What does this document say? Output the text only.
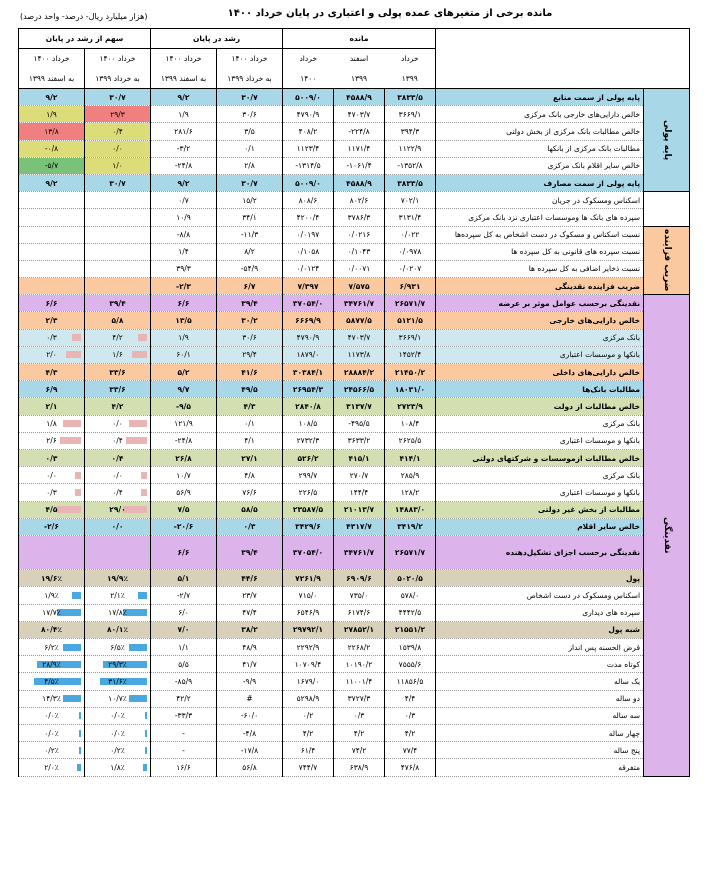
مانده برخی از متغیرهای عمده پولی و اعتباری در پایان خرداد ۱۴۰۰
(هزار میلیارد ریال- درصد- واحد درصد)
سهم از رشد در پایان		رشد در پایان		مانده				
خرداد ۱۴۰۰	خرداد ۱۴۰۰	خرداد ۱۴۰۰	خرداد ۱۴۰۰	خرداد	اسفند	خرداد		
به اسفند ۱۳۹۹	به خرداد ۱۳۹۹	به اسفند ۱۳۹۹	به خرداد ۱۳۹۹	۱۴۰۰	۱۳۹۹	۱۳۹۹		
۹/۲	۳۰/۷	۹/۲	۳۰/۷	۵۰۰۹/۰	۴۵۸۸/۹	۳۸۳۳/۵	پایه پولی از سمت منابع	پایه پولی
۱/۹	۲۹/۳	۱/۹	۳۰/۶	۴۷۹۰/۹	۴۷۰۳/۷	۳۶۶۹/۱	خالص دارایی‌های خارجی بانک مرکزی	
۱۳/۸	۰/۴	۲۸۱/۶	۳/۵	۴۰۸/۲	-۲۲۴/۸	۳۹۴/۳	خالص مطالبات بانک مرکزی از بخش دولتی	
-۰/۸	۰/۰	-۳/۲	۰/۱	۱۱۲۳/۴	۱۱۷۱/۴	۱۱۲۲/۹	مطالبات بانک مرکزی از بانکها	
-۵/۷	۱/۰	-۲۴/۸	۲/۸	-۱۳۱۴/۵	-۱۰۶۱/۴	-۱۳۵۲/۸	خالص سایر اقلام بانک مرکزی	
۹/۲	۳۰/۷	۹/۲	۳۰/۷	۵۰۰۹/۰	۴۵۸۸/۹	۳۸۳۳/۵	پایه پولی از سمت مصارف	
		۰/۷	۱۵/۲	۸۰۸/۶	۸۰۲/۶	۷۰۲/۱	اسکناس ومسکوک در جریان	
		۱۰/۹	۳۴/۱	۴۲۰۰/۴	۳۷۸۶/۳	۳۱۳۱/۴	سپرده های بانک ها وموسسات اعتباری نزد بانک مرکزی	
		-۸/۸	-۱۱/۳	۰/۰۱۹۷	۰/۰۲۱۶	۰/۰۲۲	نسبت اسکناس و مسکوک در دست اشخاص به کل سپرده‌ها	ضریب فزاینده
		۱/۴	۸/۲	۰/۱۰۵۸	۰/۱۰۴۳	۰/۰۹۷۸	نسبت سپرده های قانونی به کل سپرده ها	
		۳۹/۳	-۵۴/۹	۰/۰۱۲۴	۰/۰۰۷۱	۰/۰۲۰۷	نسبت ذخایر اضافی به کل سپرده ها	
		-۲/۳	۶/۷	۷/۳۹۷	۷/۵۷۵	۶/۹۳۱	ضریب فزاینده نقدینگی	
۶/۶	۳۹/۴	۶/۶	۳۹/۴	۳۷۰۵۴/۰	۳۴۷۶۱/۷	۲۶۵۷۱/۷	نقدینگی برحسب عوامل موثر بر عرضه	نقدینگی
۲/۳	۵/۸	۱۳/۵	۳۰/۲	۶۶۶۹/۹	۵۸۷۷/۵	۵۱۲۱/۵	خالص دارایی‌های خارجی	

۰/۳	۴/۲	۱/۹	۳۰/۶	۴۷۹۰/۹	۴۷۰۳/۷	۳۶۶۹/۱	بانک مرکزی	

۲/۰	۱/۶	۶۰/۱	۲۹/۴	۱۸۷۹/۰	۱۱۷۳/۸	۱۴۵۲/۴	بانکها و موسسات اعتباری	
۴/۳	۳۳/۶	۵/۲	۴۱/۶	۳۰۳۸۴/۱	۲۸۸۸۴/۲	۲۱۴۵۰/۲	خالص دارایی‌های داخلی	
۶/۹	۳۳/۶	۹/۷	۴۹/۵	۲۶۹۵۴/۳	۲۴۵۶۶/۵	۱۸۰۳۱/۰	مطالبات بانک‌ها	
۲/۱	۴/۲	-۹/۵	۴/۳	۲۸۴۰/۸	۳۱۳۷/۷	۲۷۲۳/۹	خالص مطالبات از دولت	

۱/۸	۰/۰	۱۲۱/۹	۰/۱	۱۰۸/۵	-۴۹۵/۵	۱۰۸/۴	بانک مرکزی	

۲/۶	۰/۴	-۲۴/۸	۴/۱	۲۷۳۲/۳	۳۶۳۳/۲	۲۶۲۵/۵	بانکها و موسسات اعتباری	
۰/۳	۰/۴	۲۶/۸	۲۷/۱	۵۲۶/۲	۴۱۵/۱	۴۱۴/۱	خالص مطالبات ازموسسات و شرکتهای دولتی	

۰/۰	۰/۰	۱۰/۷	۴/۸	۲۹۹/۷	۲۷۰/۷	۲۸۵/۹	بانک مرکزی	

۰/۳	۰/۴	۵۶/۹	۷۶/۶	۲۲۶/۵	۱۴۴/۴	۱۲۸/۲	بانکها و موسسات اعتباری	

۴/۵	۲۹/۰	۷/۵	۵۸/۵	۲۳۵۸۷/۵	۲۱۰۱۳/۷	۱۴۸۸۳/۰	مطالبات از بخش غیر دولتی	
-۲/۶	۰/۰	-۲۰/۶	۰/۳	۳۴۲۹/۶	۴۳۱۷/۷	۳۴۱۹/۲	خالص سایر اقلام	
		۶/۶	۳۹/۴	۳۷۰۵۴/۰	۳۴۷۶۱/۷	۲۶۵۷۱/۷	نقدینگی برحسب اجزای تشکیل‌دهنده	
۱۹/۶٪	۱۹/۹٪	۵/۱	۴۴/۶	۷۲۶۱/۹	۶۹۰۹/۶	۵۰۲۰/۵	پول	

۱/۹٪	۲/۱٪	-۲/۷	۲۳/۷	۷۱۵/۰	۷۳۵/۰	۵۷۸/۰	اسکناس ومسکوک در دست اشخاص	

۱۷/۷٪	۱۷/۸٪	۶/۰	۴۷/۴	۶۵۴۶/۹	۶۱۷۴/۶	۴۴۴۲/۵	سپرده های دیداری	
۸۰/۴٪	۸۰/۱٪	۷/۰	۳۸/۲	۲۹۷۹۲/۱	۲۷۸۵۲/۱	۲۱۵۵۱/۲	شبه پول	

۶/۲٪	۶/۵٪	۱/۱	۴۸/۹	۲۲۹۲/۹	۲۲۶۸/۲	۱۵۳۹/۸	قرض الحسنه پس انداز	

۲۸/۹٪	۲۹/۳٪	۵/۵	۴۱/۷	۱۰۷۰۹/۴	۱۰۱۹۰/۲	۷۵۵۵/۶	کوتاه مدت	

۴/۵٪	۳۱/۶٪	-۸۵/۹	-۹/۹	۱۶۷۹/۰	۱۱۰۰۱/۴	۱۱۸۵۶/۵	یک ساله	

۱۴/۳٪	۱۰/۷٪	۴۲/۲	#	۵۲۹۸/۹	۳۷۲۷/۳	۴/۴	دو ساله	

۰/۰٪	۰/۰٪	-۳۳/۳	-۶۰/۰	۰/۲	۰/۳	۰/۳	سه ساله	

۰/۰٪	۰/۰٪	-	-۴/۸	۴/۲	۴/۲	۴/۲	چهار ساله	

۰/۲٪	۰/۲٪	-	-۱۷/۸	۶۱/۴	۷۴/۲	۷۷/۴	پنج ساله	

۲/۰٪	۱/۸٪	۱۶/۶	۵۶/۸	۷۴۴/۷	۶۳۸/۹	۴۷۶/۸	متفرقه	
